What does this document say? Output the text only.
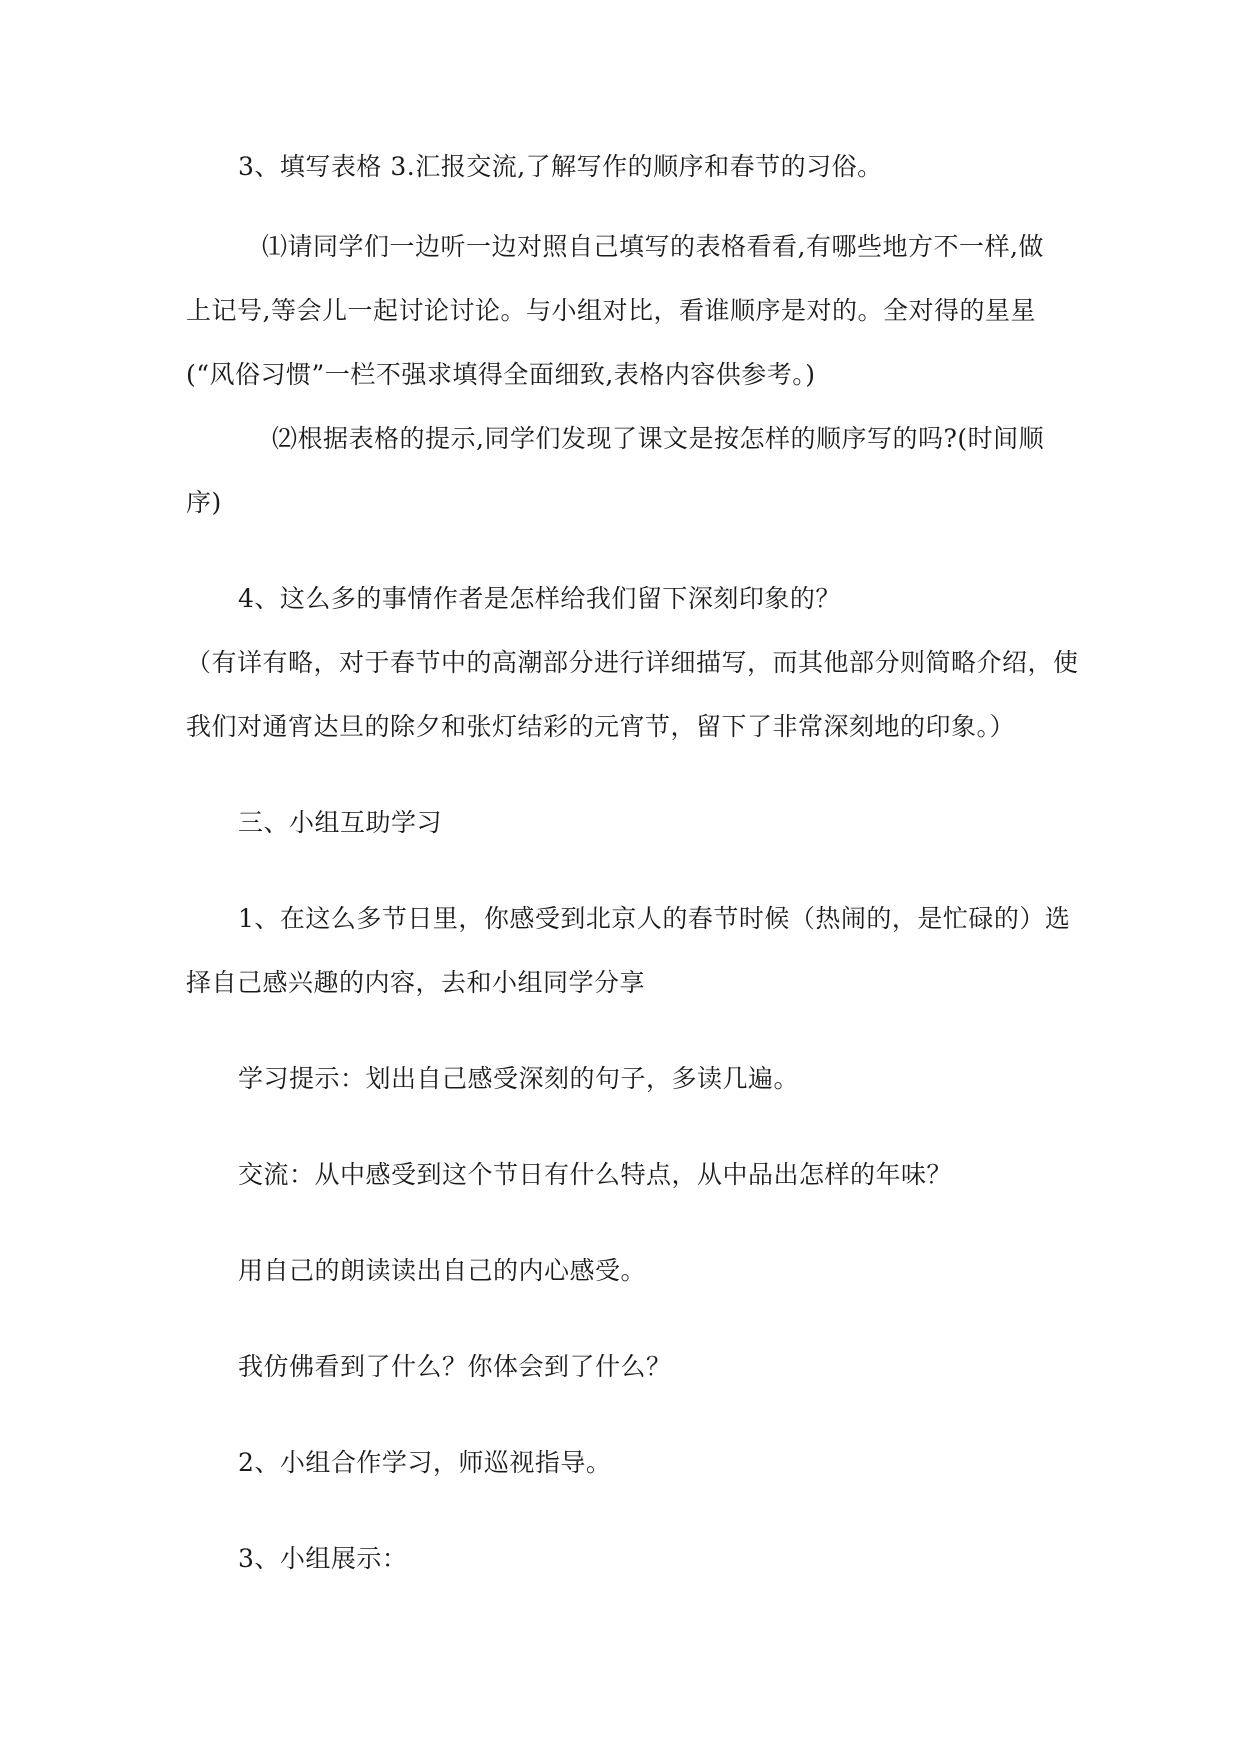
3、填写表格 3.汇报交流,了解写作的顺序和春节的习俗。
⑴请同学们一边听一边对照自己填写的表格看看,有哪些地方不一样,做
上记号,等会儿一起讨论讨论。与小组对比，看谁顺序是对的。全对得的星星
(“风俗习惯”一栏不强求填得全面细致,表格内容供参考。)
⑵根据表格的提示,同学们发现了课文是按怎样的顺序写的吗?(时间顺
序)
4、这么多的事情作者是怎样给我们留下深刻印象的？
（有详有略，对于春节中的高潮部分进行详细描写，而其他部分则简略介绍，使
我们对通宵达旦的除夕和张灯结彩的元宵节，留下了非常深刻地的印象。）
三、小组互助学习
1、在这么多节日里，你感受到北京人的春节时候（热闹的，是忙碌的）选
择自己感兴趣的内容，去和小组同学分享
学习提示：划出自己感受深刻的句子，多读几遍。
交流：从中感受到这个节日有什么特点，从中品出怎样的年味？
用自己的朗读读出自己的内心感受。
我仿佛看到了什么？你体会到了什么？
2、小组合作学习，师巡视指导。
3、小组展示：
